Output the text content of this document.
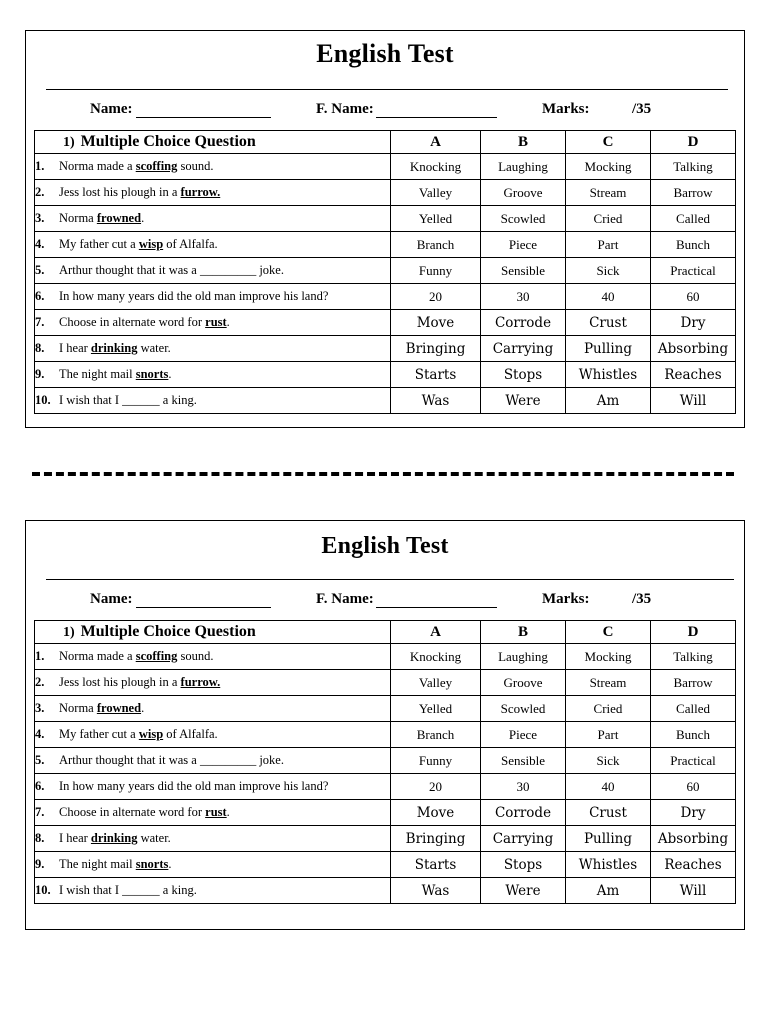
English Test
Name:	F. Name:	Marks:	/35
1) Multiple Choice Question	A	B	C	D
1. Norma made a scoffing sound.	Knocking	Laughing	Mocking	Talking
2. Jess lost his plough in a furrow.	Valley	Groove	Stream	Barrow
3. Norma frowned.	Yelled	Scowled	Cried	Called
4. My father cut a wisp of Alfalfa.	Branch	Piece	Part	Bunch
5. Arthur thought that it was a _________ joke.	Funny	Sensible	Sick	Practical
6. In how many years did the old man improve his land?	20	30	40	60
7. Choose in alternate word for rust.	Move	Corrode	Crust	Dry
8. I hear drinking water.	Bringing	Carrying	Pulling	Absorbing
9. The night mail snorts.	Starts	Stops	Whistles	Reaches
10. I wish that I ______ a king.	Was	Were	Am	Will
English Test
Name:	F. Name:	Marks:	/35
1) Multiple Choice Question	A	B	C	D
1. Norma made a scoffing sound.	Knocking	Laughing	Mocking	Talking
2. Jess lost his plough in a furrow.	Valley	Groove	Stream	Barrow
3. Norma frowned.	Yelled	Scowled	Cried	Called
4. My father cut a wisp of Alfalfa.	Branch	Piece	Part	Bunch
5. Arthur thought that it was a _________ joke.	Funny	Sensible	Sick	Practical
6. In how many years did the old man improve his land?	20	30	40	60
7. Choose in alternate word for rust.	Move	Corrode	Crust	Dry
8. I hear drinking water.	Bringing	Carrying	Pulling	Absorbing
9. The night mail snorts.	Starts	Stops	Whistles	Reaches
10. I wish that I ______ a king.	Was	Were	Am	Will
